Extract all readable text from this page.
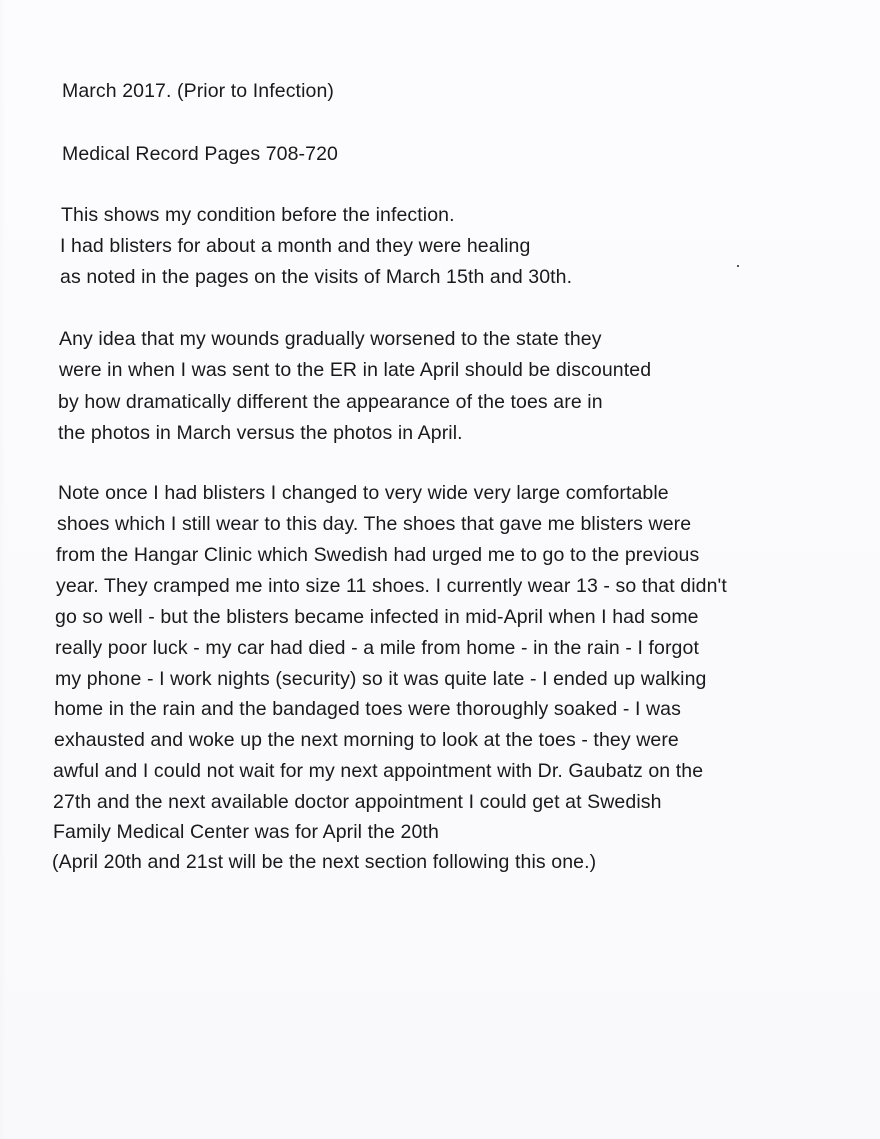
March 2017. (Prior to Infection)
Medical Record Pages 708-720
This shows my condition before the infection.
I had blisters for about a month and they were healing
as noted in the pages on the visits of March 15th and 30th.
Any idea that my wounds gradually worsened to the state they
were in when I was sent to the ER in late April should be discounted
by how dramatically different the appearance of the toes are in
the photos in March versus the photos in April.
Note once I had blisters I changed to very wide very large comfortable
shoes which I still wear to this day. The shoes that gave me blisters were
from the Hangar Clinic which Swedish had urged me to go to the previous
year. They cramped me into size 11 shoes. I currently wear 13 - so that didn't
go so well - but the blisters became infected in mid-April when I had some
really poor luck - my car had died - a mile from home - in the rain - I forgot
my phone - I work nights (security) so it was quite late - I ended up walking
home in the rain and the bandaged toes were thoroughly soaked - I was
exhausted and woke up the next morning to look at the toes - they were
awful and I could not wait for my next appointment with Dr. Gaubatz on the
27th and the next available doctor appointment I could get at Swedish
Family Medical Center was for April the 20th
(April 20th and 21st will be the next section following this one.)
